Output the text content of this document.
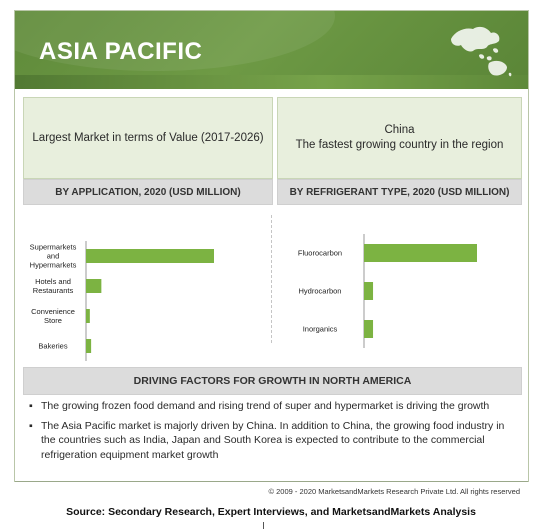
ASIA PACIFIC
Largest Market in terms of Value (2017-2026)
China
The fastest growing country in the region
BY APPLICATION, 2020 (USD MILLION)	BY REFRIGERANT TYPE, 2020 (USD MILLION)
Supermarkets
and
Hypermarkets
Hotels and
Restaurants
Convenience
Store
Bakeries
Fluorocarbon
Hydrocarbon
Inorganics
DRIVING FACTORS FOR GROWTH IN NORTH AMERICA
▪ The growing frozen food demand and rising trend of super and hypermarket is driving the growth
▪ The Asia Pacific market is majorly driven by China. In addition to China, the growing food industry in the countries such as India, Japan and South Korea is expected to contribute to the commercial refrigeration equipment market growth
© 2009 - 2020 MarketsandMarkets Research Private Ltd. All rights reserved
Source: Secondary Research, Expert Interviews, and MarketsandMarkets Analysis
